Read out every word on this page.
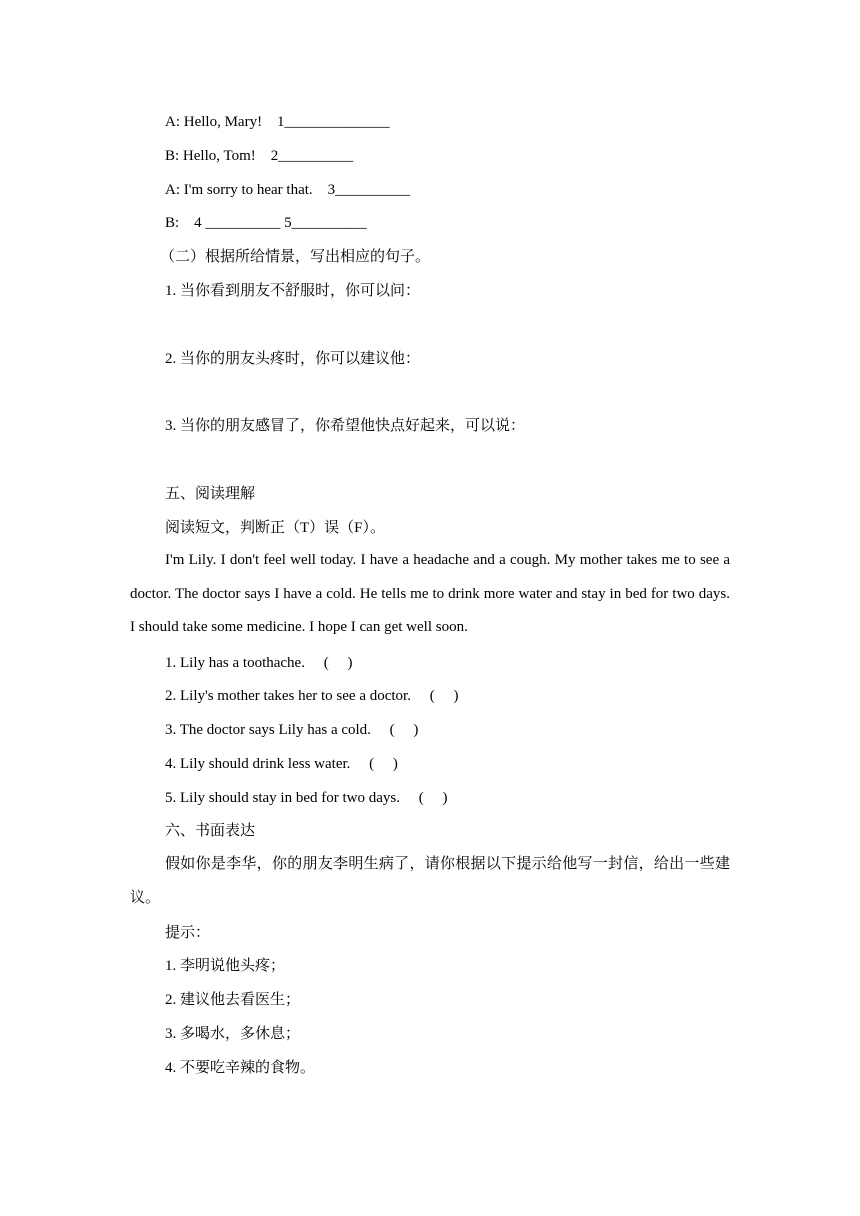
A: Hello, Mary!    1______________

B: Hello, Tom!    2__________

A: I'm sorry to hear that.    3__________

B:    4 __________ 5__________

（二）根据所给情景，写出相应的句子。

1. 当你看到朋友不舒服时，你可以问：

2. 当你的朋友头疼时，你可以建议他：

3. 当你的朋友感冒了，你希望他快点好起来，可以说：

五、阅读理解

阅读短文，判断正（T）误（F）。

I'm Lily. I don't feel well today. I have a headache and a cough. My mother takes me to see a doctor. The doctor says I have a cold. He tells me to drink more water and stay in bed for two days. I should take some medicine. I hope I can get well soon.

1. Lily has a toothache.     (     )

2. Lily's mother takes her to see a doctor.     (     )

3. The doctor says Lily has a cold.     (     )

4. Lily should drink less water.     (     )

5. Lily should stay in bed for two days.     (     )

六、书面表达

假如你是李华，你的朋友李明生病了，请你根据以下提示给他写一封信，给出一些建议。

提示：

1. 李明说他头疼；

2. 建议他去看医生；

3. 多喝水，多休息；

4. 不要吃辛辣的食物。
